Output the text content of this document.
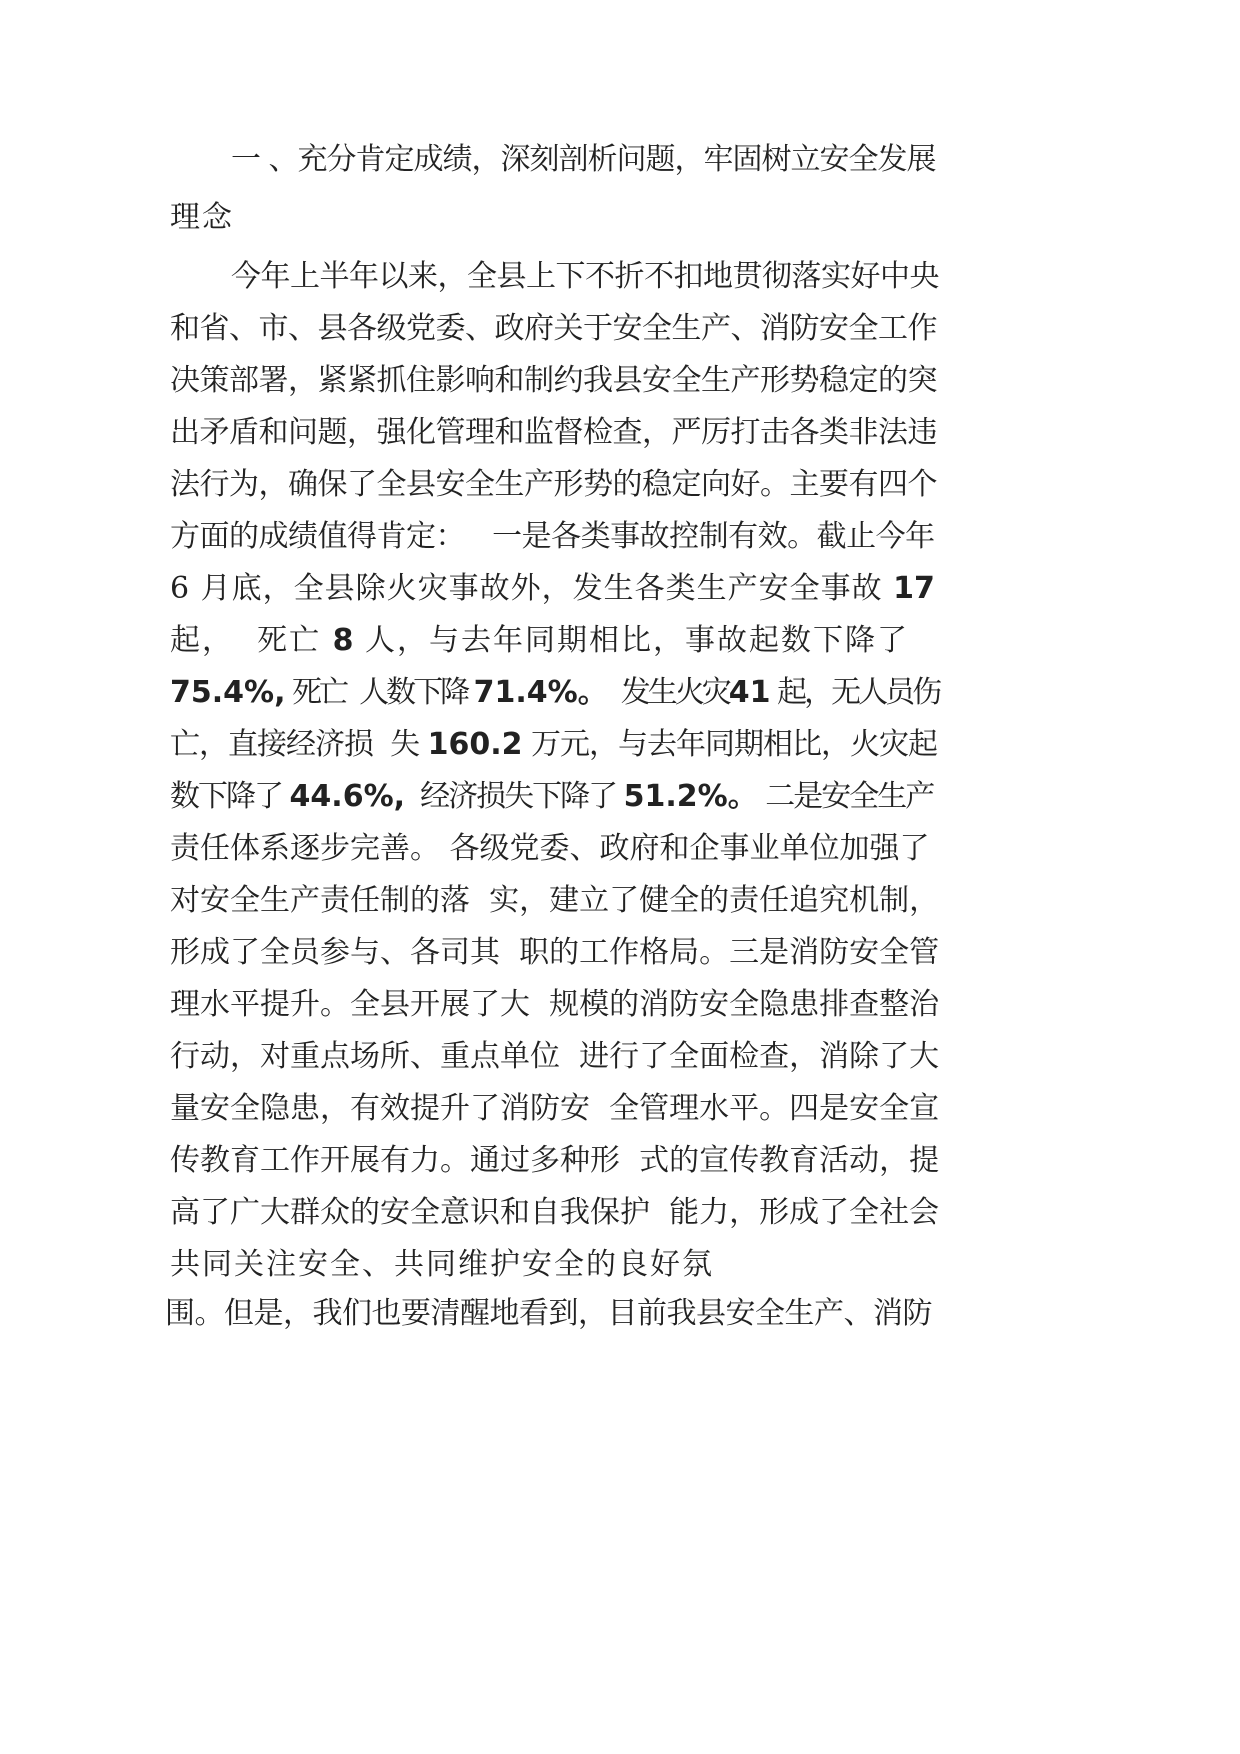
一 、充分肯定成绩，深刻剖析问题，牢固树立安全发展
理念
今年上半年以来，全县上下不折不扣地贯彻落实好中央
和省、市、县各级党委、政府关于安全生产、消防安全工作
决策部署，紧紧抓住影响和制约我县安全生产形势稳定的突
出矛盾和问题，强化管理和监督检查，严厉打击各类非法违
法行为，确保了全县安全生产形势的稳定向好。主要有四个
方面的成绩值得肯定：   一是各类事故控制有效。截止今年
6 月底，全县除火灾事故外，发生各类生产安全事故 17
起，  死亡 8 人，与去年同期相比，事故起数下降了
75.4%, 死亡  人数下降 71.4%。  发生火灾41 起，无人员伤
亡，直接经济损  失 160.2 万元，与去年同期相比，火灾起
数下降了 44.6%,  经济损失下降了 51.2%。 二是安全生产
责任体系逐步完善。 各级党委、政府和企事业单位加强了
对安全生产责任制的落  实，建立了健全的责任追究机制，
形成了全员参与、各司其  职的工作格局。三是消防安全管
理水平提升。全县开展了大  规模的消防安全隐患排查整治
行动，对重点场所、重点单位  进行了全面检查，消除了大
量安全隐患，有效提升了消防安  全管理水平。四是安全宣
传教育工作开展有力。通过多种形  式的宣传教育活动，提
高了广大群众的安全意识和自我保护  能力，形成了全社会
共同关注安全、共同维护安全的良好氛
围。但是，我们也要清醒地看到，目前我县安全生产、消防
